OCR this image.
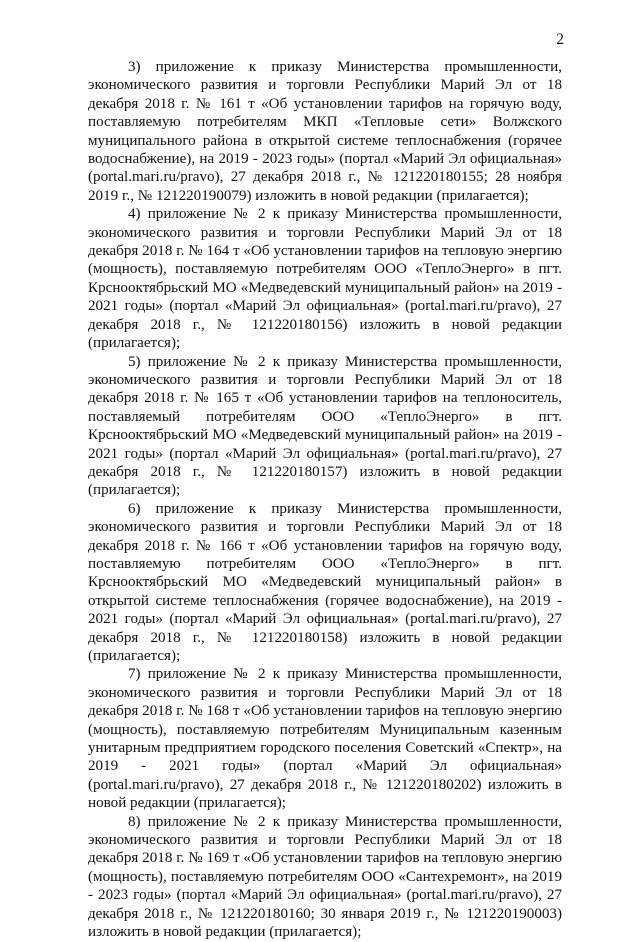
2

3) приложение к приказу Министерства промышленности, экономического развития и торговли Республики Марий Эл от 18 декабря 2018 г. № 161 т «Об установлении тарифов на горячую воду, поставляемую потребителям МКП «Тепловые сети» Волжского муниципального района в открытой системе теплоснабжения (горячее водоснабжение), на 2019 - 2023 годы» (портал «Марий Эл официальная» (portal.mari.ru/pravo), 27 декабря 2018 г., № 121220180155; 28 ноября 2019 г., № 121220190079) изложить в новой редакции (прилагается);

4) приложение № 2 к приказу Министерства промышленности, экономического развития и торговли Республики Марий Эл от 18 декабря 2018 г. № 164 т «Об установлении тарифов на тепловую энергию (мощность), поставляемую потребителям ООО «ТеплоЭнерго» в пгт. Крснооктябрьский МО «Медведевский муниципальный район» на 2019 - 2021 годы» (портал «Марий Эл официальная» (portal.mari.ru/pravo), 27 декабря 2018 г., № 121220180156) изложить в новой редакции (прилагается);

5) приложение № 2 к приказу Министерства промышленности, экономического развития и торговли Республики Марий Эл от 18 декабря 2018 г. № 165 т «Об установлении тарифов на теплоноситель, поставляемый потребителям ООО «ТеплоЭнерго» в пгт. Крснооктябрьский МО «Медведевский муниципальный район» на 2019 - 2021 годы» (портал «Марий Эл официальная» (portal.mari.ru/pravo), 27 декабря 2018 г., № 121220180157) изложить в новой редакции (прилагается);

6) приложение к приказу Министерства промышленности, экономического развития и торговли Республики Марий Эл от 18 декабря 2018 г. № 166 т «Об установлении тарифов на горячую воду, поставляемую потребителям ООО «ТеплоЭнерго» в пгт. Крснооктябрьский МО «Медведевский муниципальный район» в открытой системе теплоснабжения (горячее водоснабжение), на 2019 - 2021 годы» (портал «Марий Эл официальная» (portal.mari.ru/pravo), 27 декабря 2018 г., № 121220180158) изложить в новой редакции (прилагается);

7) приложение № 2 к приказу Министерства промышленности, экономического развития и торговли Республики Марий Эл от 18 декабря 2018 г. № 168 т «Об установлении тарифов на тепловую энергию (мощность), поставляемую потребителям Муниципальным казенным унитарным предприятием городского поселения Советский «Спектр», на 2019 - 2021 годы» (портал «Марий Эл официальная» (portal.mari.ru/pravo), 27 декабря 2018 г., № 121220180202) изложить в новой редакции (прилагается);

8) приложение № 2 к приказу Министерства промышленности, экономического развития и торговли Республики Марий Эл от 18 декабря 2018 г. № 169 т «Об установлении тарифов на тепловую энергию (мощность), поставляемую потребителям ООО «Сантехремонт», на 2019 - 2023 годы» (портал «Марий Эл официальная» (portal.mari.ru/pravo), 27 декабря 2018 г., № 121220180160; 30 января 2019 г., № 121220190003) изложить в новой редакции (прилагается);
